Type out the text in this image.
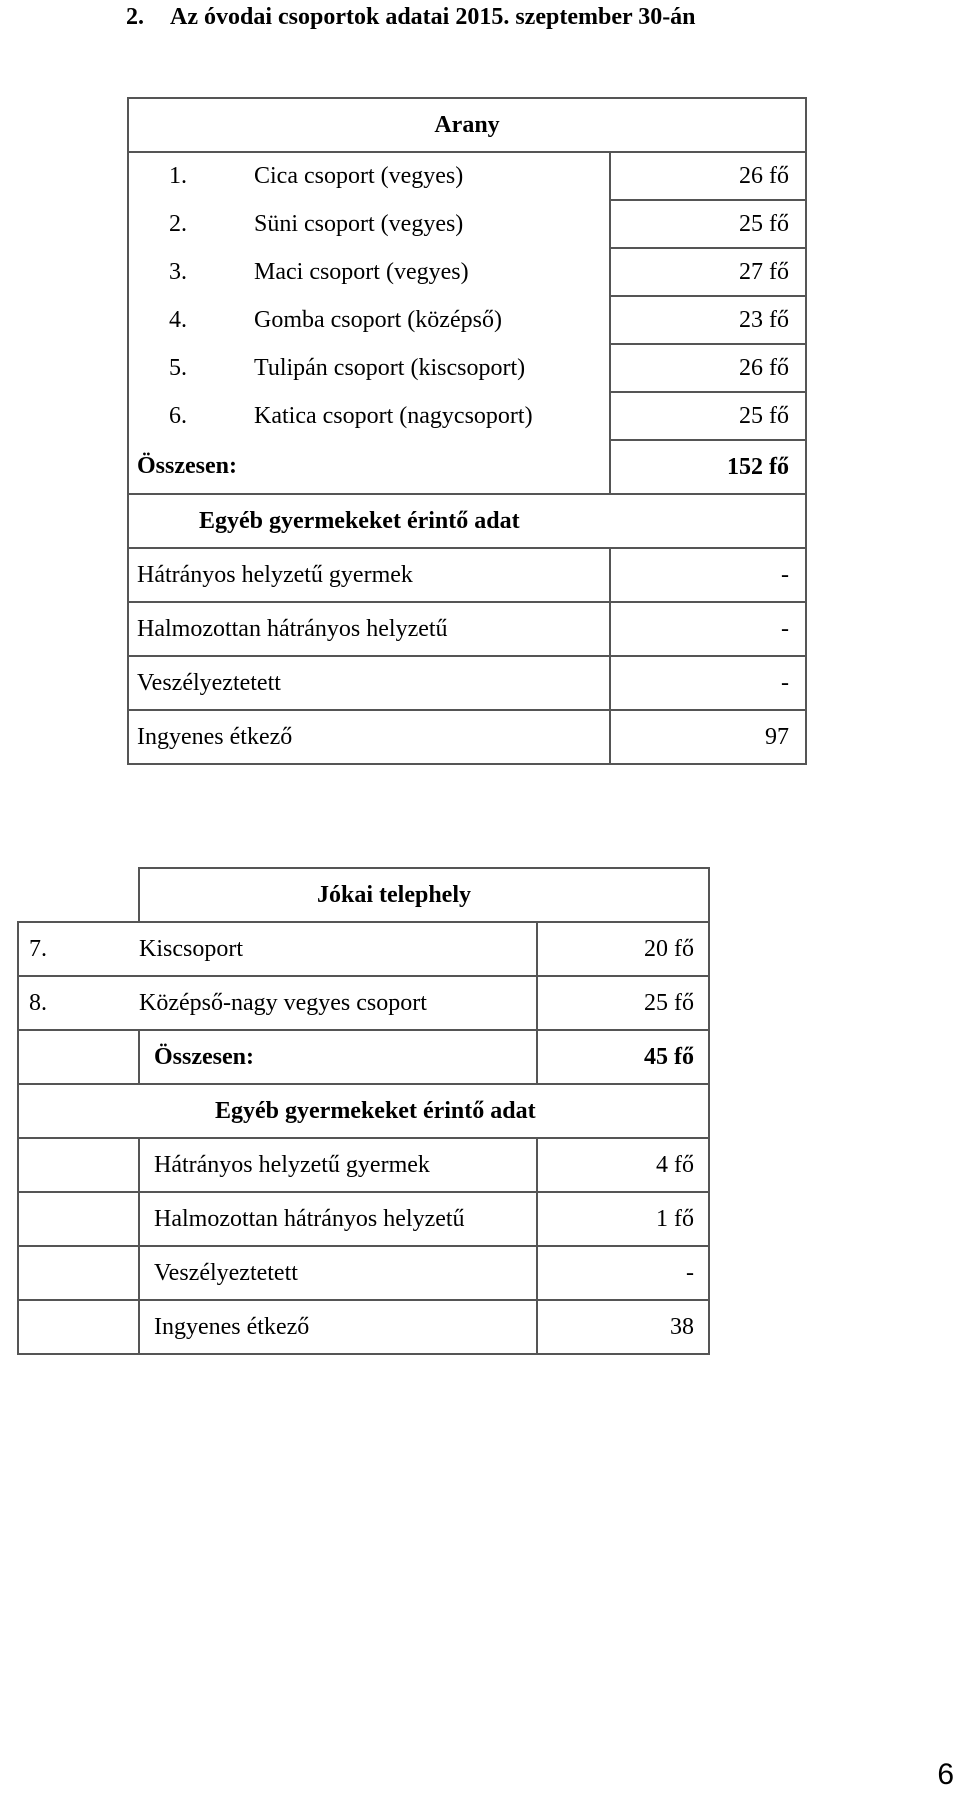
2. Az óvodai csoportok adatai 2015. szeptember 30-án
Arany	

1. Cica csoport (vegyes)	26 fő

2. Süni csoport (vegyes)	25 fő

3. Maci csoport (vegyes)	27 fő

4. Gomba csoport (középső)	23 fő

5. Tulipán csoport (kiscsoport)	26 fő

6. Katica csoport (nagycsoport)	25 fő
Összesen:	152 fő
Egyéb gyermekeket érintő adat	
Hátrányos helyzetű gyermek	-
Halmozottan hátrányos helyzetű	-
Veszélyeztetett	-
Ingyenes étkező	97
	Jókai telephely	
7.	Kiscsoport	20 fő
8.	Középső-nagy vegyes csoport	25 fő
	Összesen:	45 fő
Egyéb gyermekeket érintő adat		
	Hátrányos helyzetű gyermek	4 fő
	Halmozottan hátrányos helyzetű	1 fő
	Veszélyeztetett	-
	Ingyenes étkező	38
6
